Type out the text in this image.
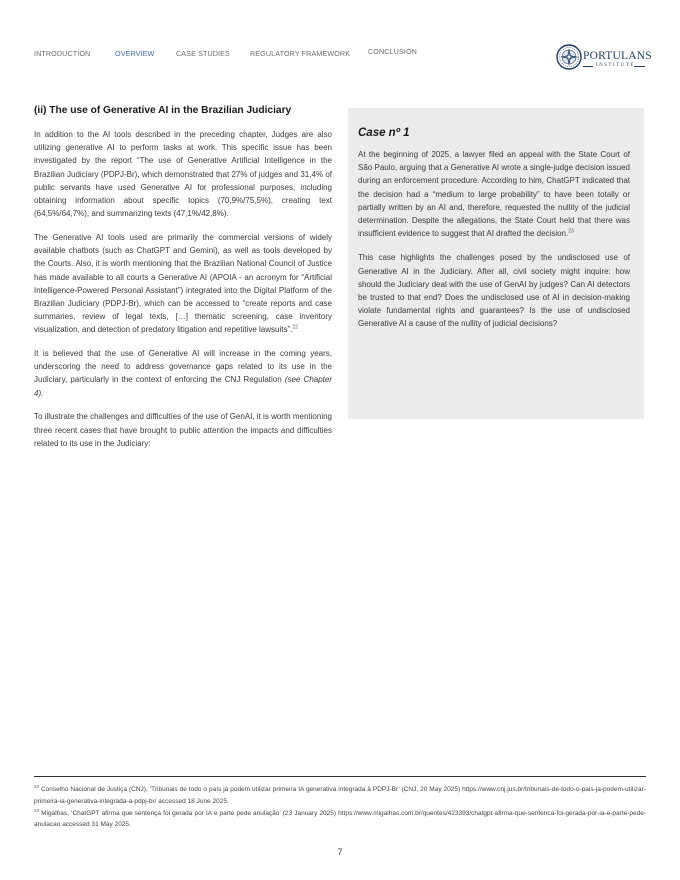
INTRODUCTION	OVERVIEW	CASE STUDIES	REGULATORY FRAMEWORK CONCLUSION	PORTULANS
INSTITUTE
(ii) The use of Generative AI in the Brazilian Judiciary

In addition to the AI tools described in the preceding chapter, Judges are also utilizing generative AI to perform tasks at work. This specific issue has been investigated by the report “The use of Generative Artificial Intelligence in the Brazilian Judiciary (PDPJ-Br), which demonstrated that 27% of judges and 31,4% of public servants have used Generative AI for professional purposes, including obtaining information about specific topics (70,9%/75,5%), creating text (64,5%/64,7%), and summarizing texts (47,1%/42,8%).

The Generative AI tools used are primarily the commercial versions of widely available chatbots (such as ChatGPT and Gemini), as well as tools developed by the Courts. Also, it is worth mentioning that the Brazilian National Council of Justice has made available to all courts a Generative AI (APOIA - an acronym for “Artificial Intelligence-Powered Personal Assistant”) integrated into the Digital Platform of the Brazilian Judiciary (PDPJ-Br), which can be accessed to “create reports and case summaries, review of legal texts, […] thematic screening, case inventory visualization, and detection of predatory litigation and repetitive lawsuits”.$^{22}$

It is believed that the use of Generative AI will increase in the coming years, underscoring the need to address governance gaps related to its use in the Judiciary, particularly in the context of enforcing the CNJ Regulation (see Chapter 4).

To illustrate the challenges and difficulties of the use of GenAI, it is worth mentioning three recent cases that have brought to public attention the impacts and difficulties related to its use in the Judiciary:

Case nº 1

At the beginning of 2025, a lawyer filed an appeal with the State Court of São Paulo, arguing that a Generative AI wrote a single-judge decision issued during an enforcement procedure. According to him, ChatGPT indicated that the decision had a “medium to large probability” to have been totally or partially written by an AI and, therefore, requested the nullity of the judicial determination. Despite the allegations, the State Court held that there was insufficient evidence to suggest that AI drafted the decision.$^{23}$

This case highlights the challenges posed by the undisclosed use of Generative AI in the Judiciary. After all, civil society might inquire: how should the Judiciary deal with the use of GenAI by judges? Can AI detectors be trusted to that end? Does the undisclosed use of AI in decision-making violate fundamental rights and guarantees? Is the use of undisclosed Generative AI a cause of the nullity of judicial decisions?

$^{22}$ Conselho Nacional de Justiça (CNJ), ‘Tribunais de todo o país já podem utilizar primeira IA generativa integrada à PDPJ-Br’ (CNJ, 20 May 2025) https://www.cnj.jus.br/tribunais-de-todo-o-pais-ja-podem-utilizar-primeira-ia-generativa-integrada-a-pdpj-br/ accessed 18 June 2025.

$^{23}$ Migalhas, ‘ChatGPT afirma que sentença foi gerada por IA e parte pede anulação’ (23 January 2025) https://www.migalhas.com.br/quentes/423393/chatgpt-afirma-que-sentenca-foi-gerada-por-ia-e-parte-pede-anulacao accessed 31 May 2025.

7
